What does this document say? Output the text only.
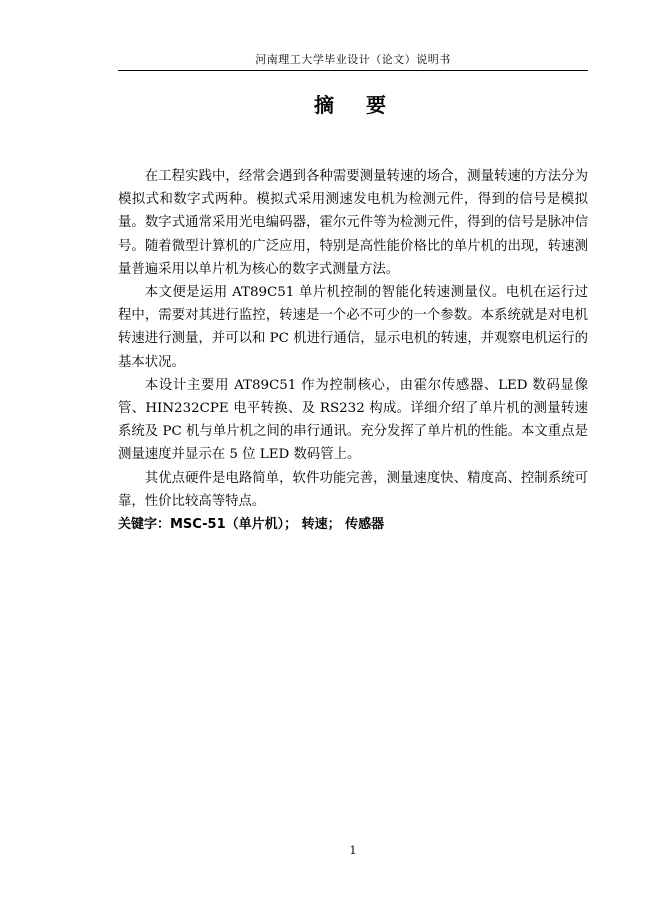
河南理工大学毕业设计（论文）说明书
摘　要

在工程实践中，经常会遇到各种需要测量转速的场合，测量转速的方法分为模拟式和数字式两种。模拟式采用测速发电机为检测元件，得到的信号是模拟量。数字式通常采用光电编码器，霍尔元件等为检测元件，得到的信号是脉冲信号。随着微型计算机的广泛应用，特别是高性能价格比的单片机的出现，转速测量普遍采用以单片机为核心的数字式测量方法。

本文便是运用 AT89C51 单片机控制的智能化转速测量仪。电机在运行过程中，需要对其进行监控，转速是一个必不可少的一个参数。本系统就是对电机转速进行测量，并可以和 PC 机进行通信，显示电机的转速，并观察电机运行的基本状况。

本设计主要用 AT89C51 作为控制核心，由霍尔传感器、LED 数码显像管、HIN232CPE 电平转换、及 RS232 构成。详细介绍了单片机的测量转速系统及 PC 机与单片机之间的串行通讯。充分发挥了单片机的性能。本文重点是测量速度并显示在 5 位 LED 数码管上。

其优点硬件是电路简单，软件功能完善，测量速度快、精度高、控制系统可靠，性价比较高等特点。

关键字：MSC-51（单片机）； 转速； 传感器

1
